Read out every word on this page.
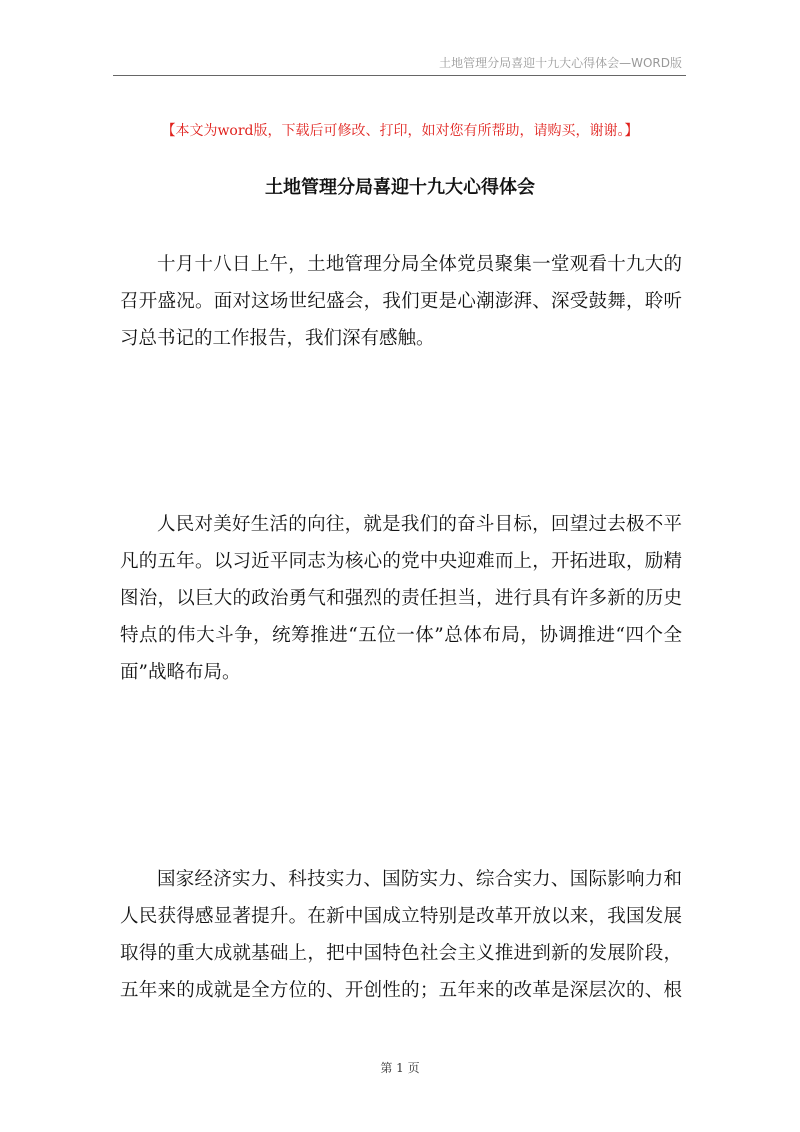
土地管理分局喜迎十九大心得体会—WORD版
【本文为word版，下载后可修改、打印，如对您有所帮助，请购买，谢谢。】
土地管理分局喜迎十九大心得体会
十月十八日上午，土地管理分局全体党员聚集一堂观看十九大的
召开盛况。面对这场世纪盛会，我们更是心潮澎湃、深受鼓舞，聆听
习总书记的工作报告，我们深有感触。
人民对美好生活的向往，就是我们的奋斗目标，回望过去极不平
凡的五年。以习近平同志为核心的党中央迎难而上，开拓进取，励精
图治，以巨大的政治勇气和强烈的责任担当，进行具有许多新的历史
特点的伟大斗争，统筹推进“五位一体”总体布局，协调推进“四个全
面”战略布局。
国家经济实力、科技实力、国防实力、综合实力、国际影响力和
人民获得感显著提升。在新中国成立特别是改革开放以来，我国发展
取得的重大成就基础上，把中国特色社会主义推进到新的发展阶段，
五年来的成就是全方位的、开创性的；五年来的改革是深层次的、根
第 1 页
